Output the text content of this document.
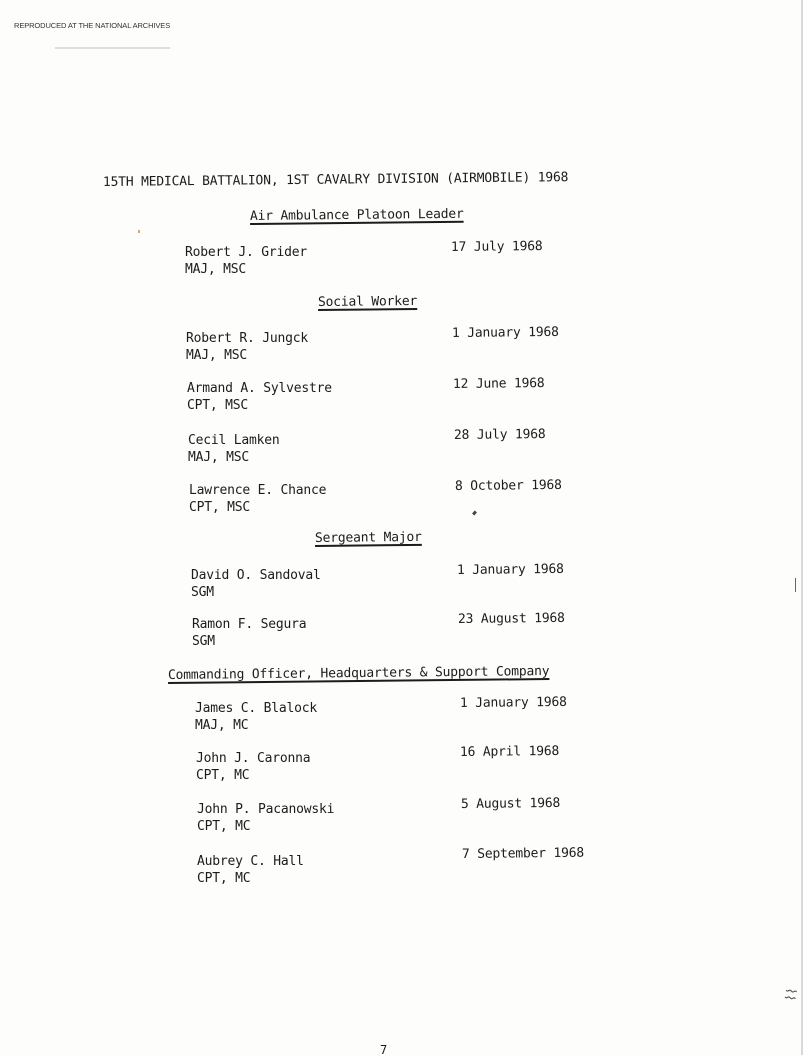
REPRODUCED AT THE NATIONAL ARCHIVES
15TH MEDICAL BATTALION, 1ST CAVALRY DIVISION (AIRMOBILE) 1968
Air Ambulance Platoon Leader
Robert J. Grider
MAJ, MSC
17 July 1968
Social Worker
Robert R. Jungck
MAJ, MSC
1 January 1968
Armand A. Sylvestre
CPT, MSC
12 June 1968
Cecil Lamken
MAJ, MSC
28 July 1968
Lawrence E. Chance
CPT, MSC
8 October 1968
Sergeant Major
David O. Sandoval
SGM
1 January 1968
Ramon F. Segura
SGM
23 August 1968
Commanding Officer, Headquarters & Support Company
James C. Blalock
MAJ, MC
1 January 1968
John J. Caronna
CPT, MC
16 April 1968
John P. Pacanowski
CPT, MC
5 August 1968
Aubrey C. Hall
CPT, MC
7 September 1968
⌇⌇
7
